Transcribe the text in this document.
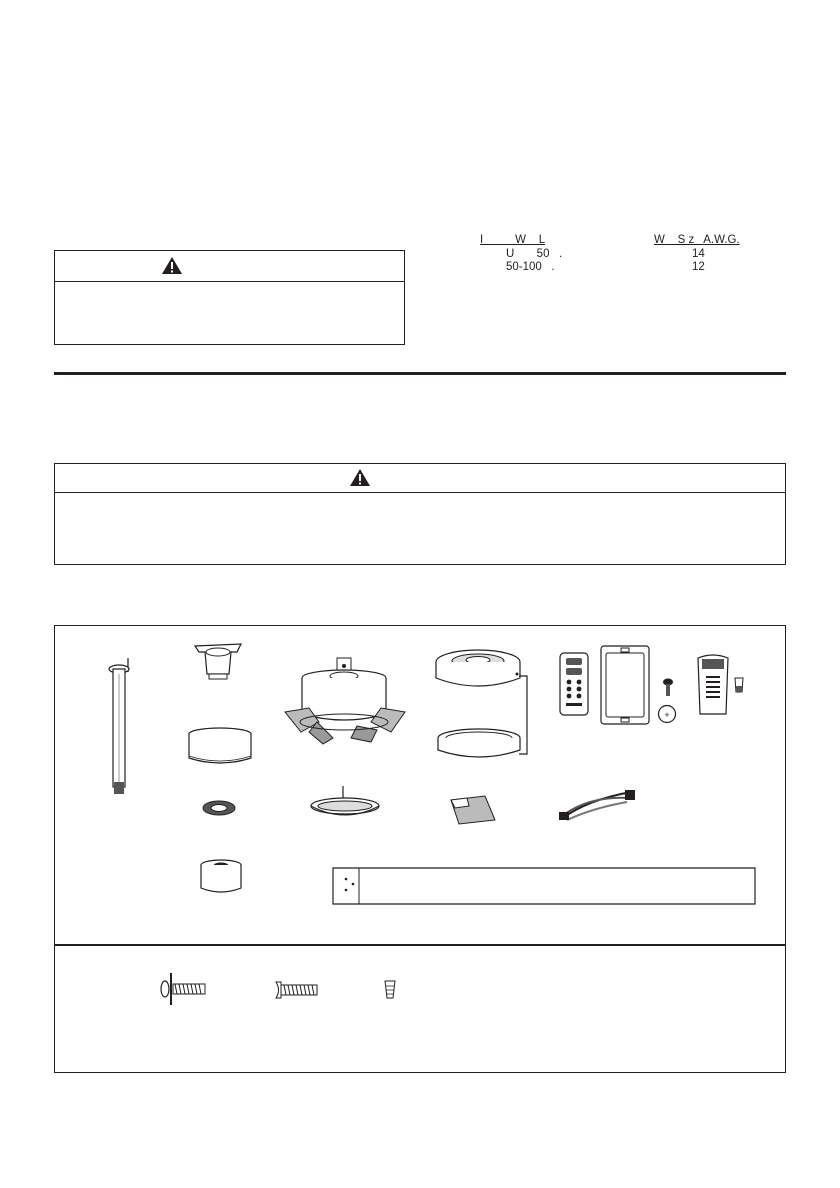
I          W    L	W    S z   A.W.G.
U       50   .	14
50-100   .	12
+
